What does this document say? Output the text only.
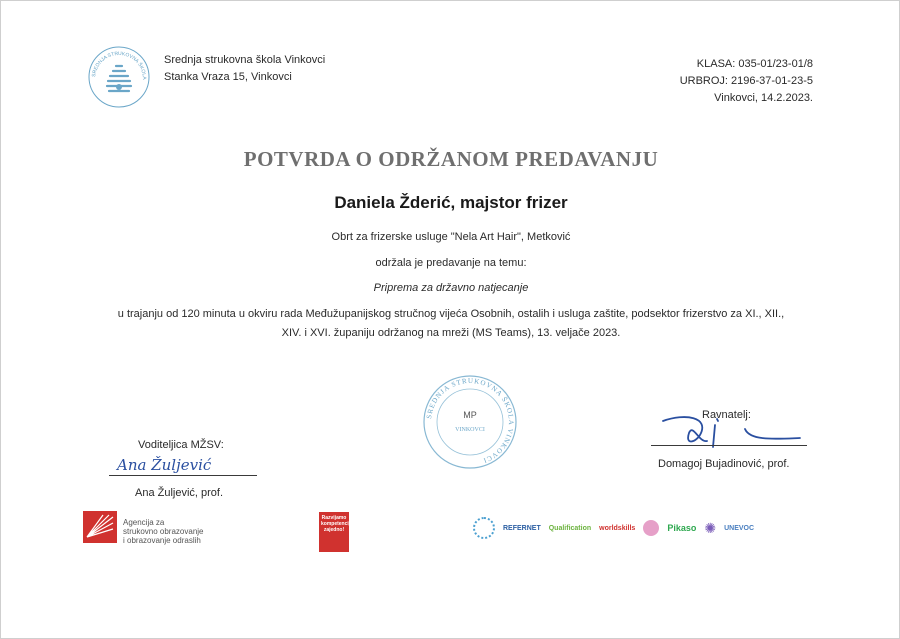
SREDNJA STRUKOVNA ŠKOLA
Srednja strukovna škola Vinkovci
Stanka Vraza 15, Vinkovci
KLASA: 035-01/23-01/8
URBROJ: 2196-37-01-23-5
Vinkovci, 14.2.2023.
POTVRDA O ODRŽANOM PREDAVANJU
Daniela Žderić, majstor frizer
Obrt za frizerske usluge "Nela Art Hair", Metković
održala je predavanje na temu:
Priprema za državno natjecanje
u trajanju od 120 minuta u okviru rada Međužupanijskog stručnog vijeća Osobnih, ostalih i usluga zaštite, podsektor frizerstvo za XI., XII.,
XIV. i XVI. županiju održanog na mreži (MS Teams), 13. veljače 2023.
SREDNJA STRUKOVNA ŠKOLA VINKOVCI
MP
VINKOVCI
Voditeljica MŽSV:
Ana Žuljević
Ana Žuljević, prof.
Ravnatelj:
Domagoj Bujadinović, prof.
Agencija za
strukovno obrazovanje
i obrazovanje odraslih
Razvijamo kompetencije zajedno!	REFERNET Qualification worldskills	Pikaso ✺ UNEVOC
